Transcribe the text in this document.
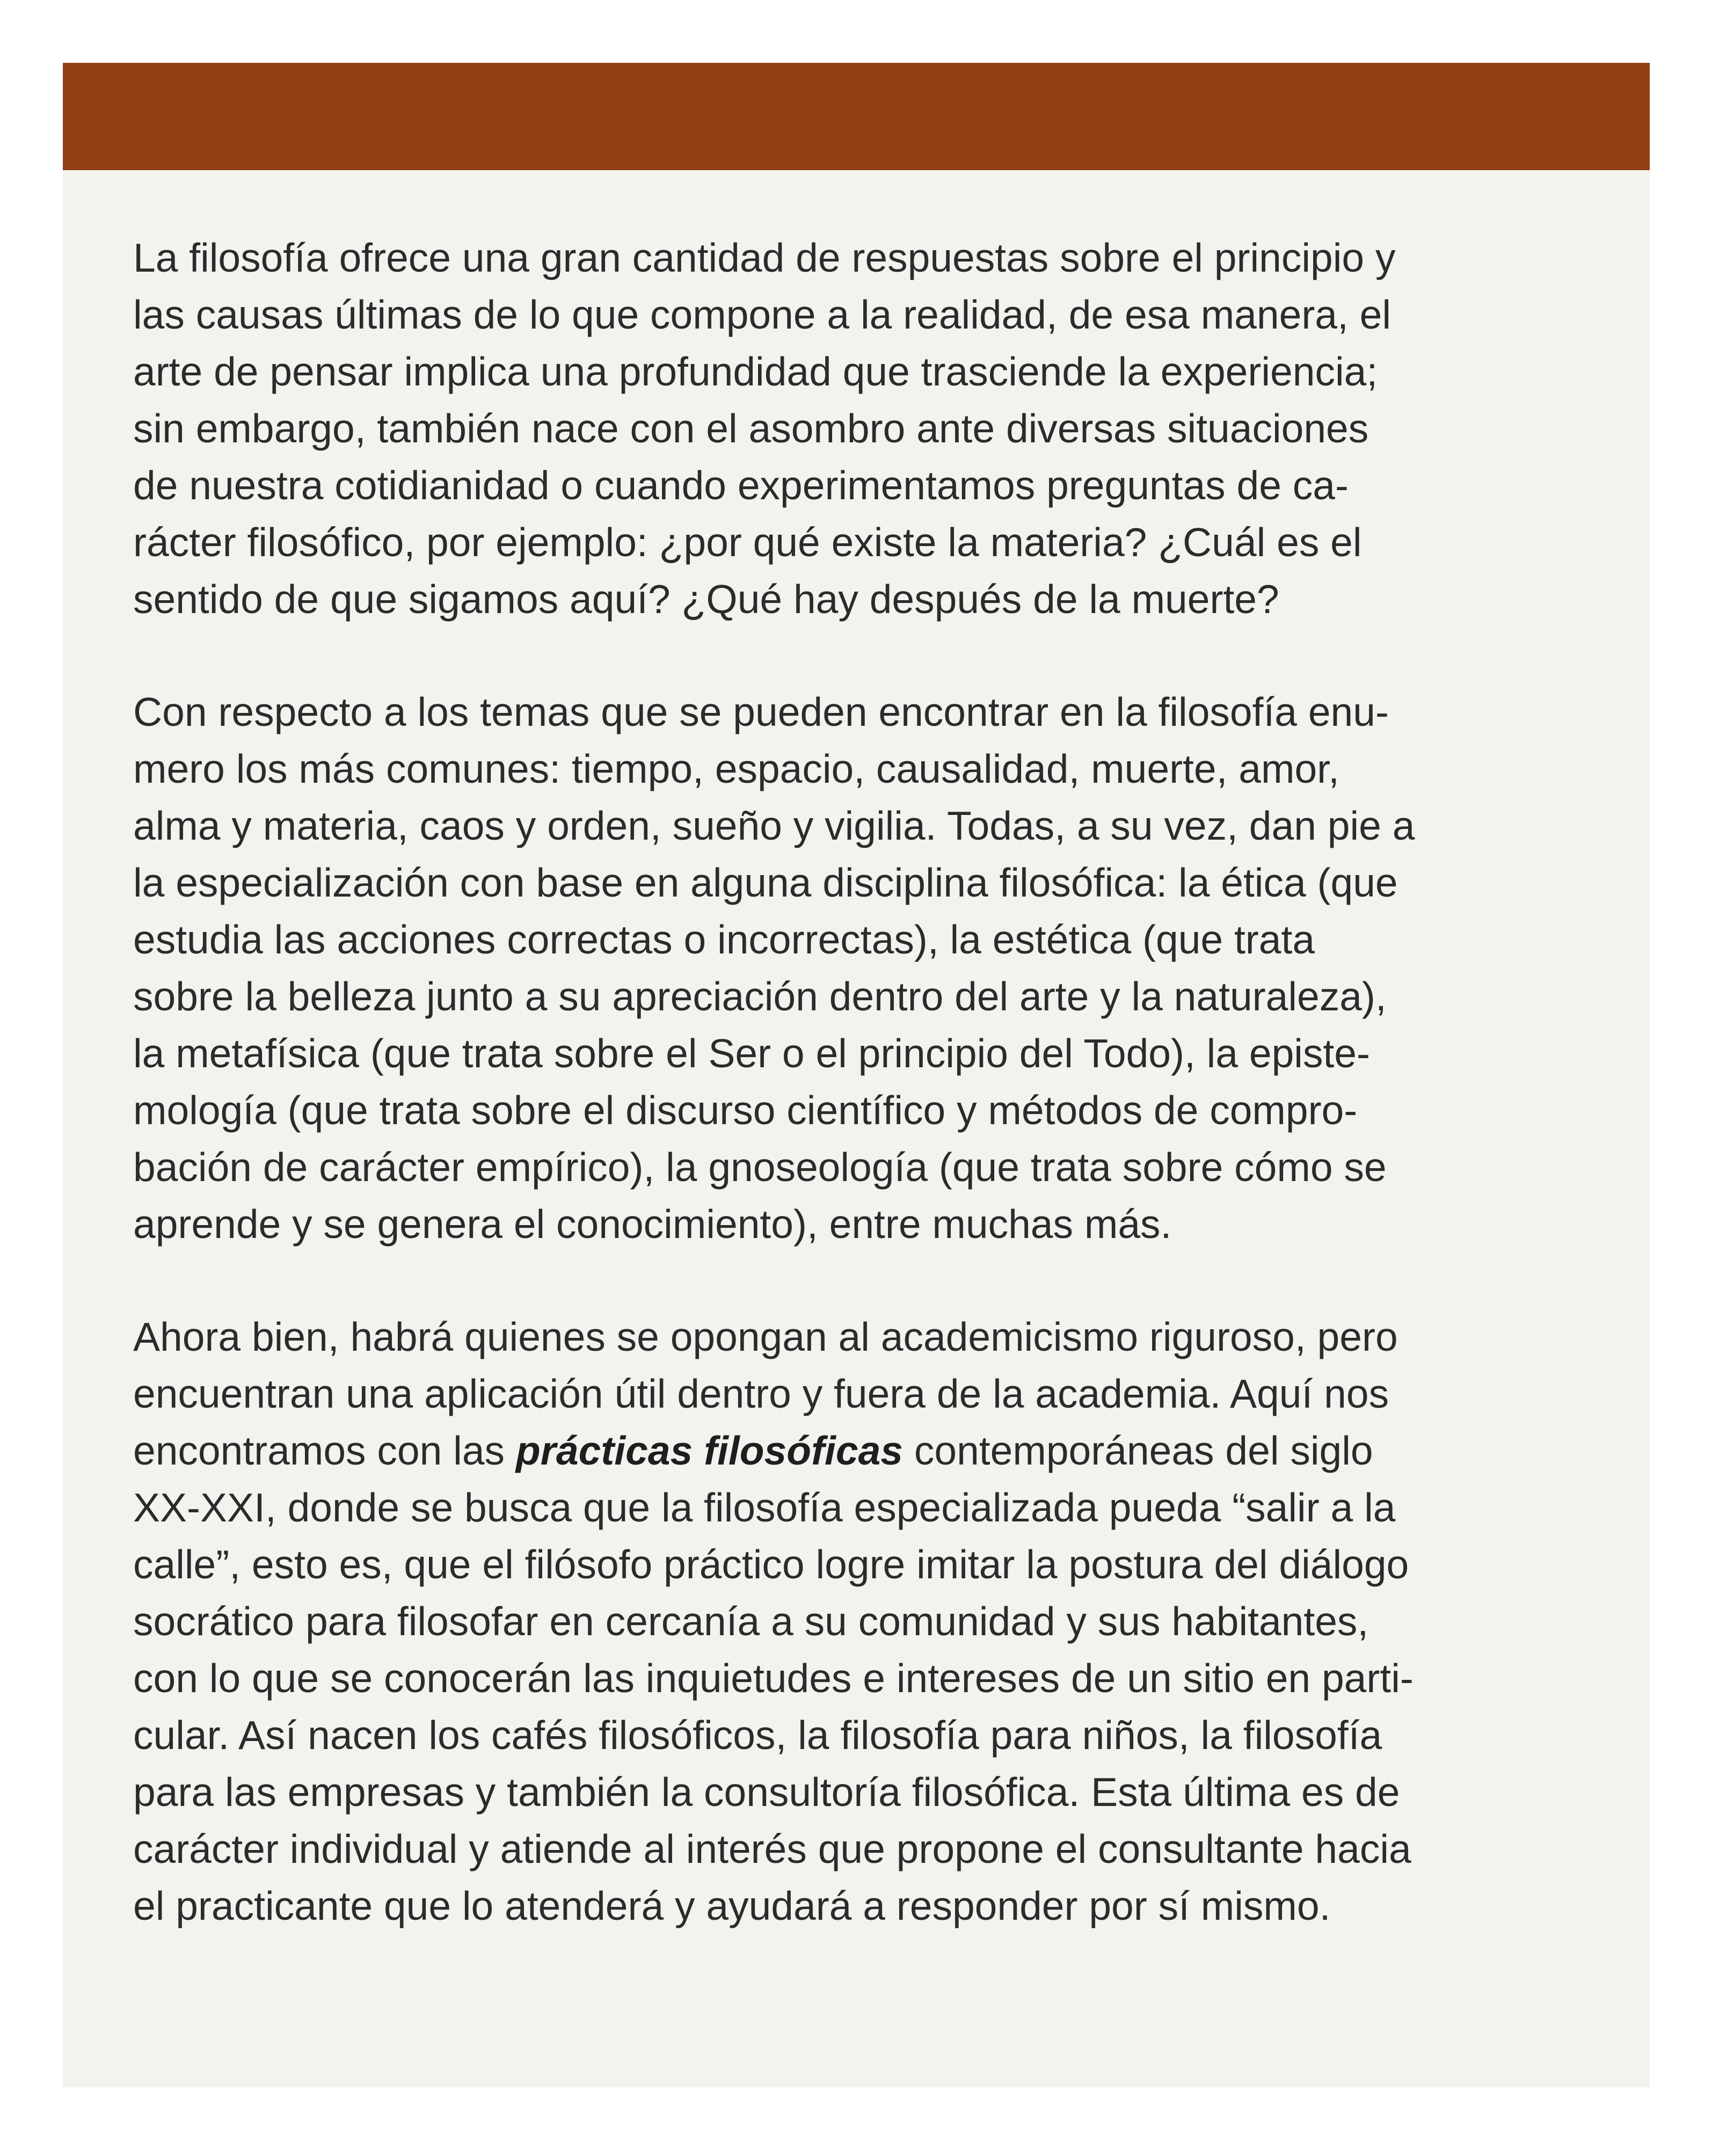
La filosofía ofrece una gran cantidad de respuestas sobre el principio y
las causas últimas de lo que compone a la realidad, de esa manera, el
arte de pensar implica una profundidad que trasciende la experiencia;
sin embargo, también nace con el asombro ante diversas situaciones
de nuestra cotidianidad o cuando experimentamos preguntas de ca-
rácter filosófico, por ejemplo: ¿por qué existe la materia? ¿Cuál es el
sentido de que sigamos aquí? ¿Qué hay después de la muerte?

Con respecto a los temas que se pueden encontrar en la filosofía enu-
mero los más comunes: tiempo, espacio, causalidad, muerte, amor,
alma y materia, caos y orden, sueño y vigilia. Todas, a su vez, dan pie a
la especialización con base en alguna disciplina filosófica: la ética (que
estudia las acciones correctas o incorrectas), la estética (que trata
sobre la belleza junto a su apreciación dentro del arte y la naturaleza),
la metafísica (que trata sobre el Ser o el principio del Todo), la episte-
mología (que trata sobre el discurso científico y métodos de compro-
bación de carácter empírico), la gnoseología (que trata sobre cómo se
aprende y se genera el conocimiento), entre muchas más.

Ahora bien, habrá quienes se opongan al academicismo riguroso, pero
encuentran una aplicación útil dentro y fuera de la academia. Aquí nos
encontramos con las prácticas filosóficas contemporáneas del siglo
XX-XXI, donde se busca que la filosofía especializada pueda “salir a la
calle”, esto es, que el filósofo práctico logre imitar la postura del diálogo
socrático para filosofar en cercanía a su comunidad y sus habitantes,
con lo que se conocerán las inquietudes e intereses de un sitio en parti-
cular. Así nacen los cafés filosóficos, la filosofía para niños, la filosofía
para las empresas y también la consultoría filosófica. Esta última es de
carácter individual y atiende al interés que propone el consultante hacia
el practicante que lo atenderá y ayudará a responder por sí mismo.
